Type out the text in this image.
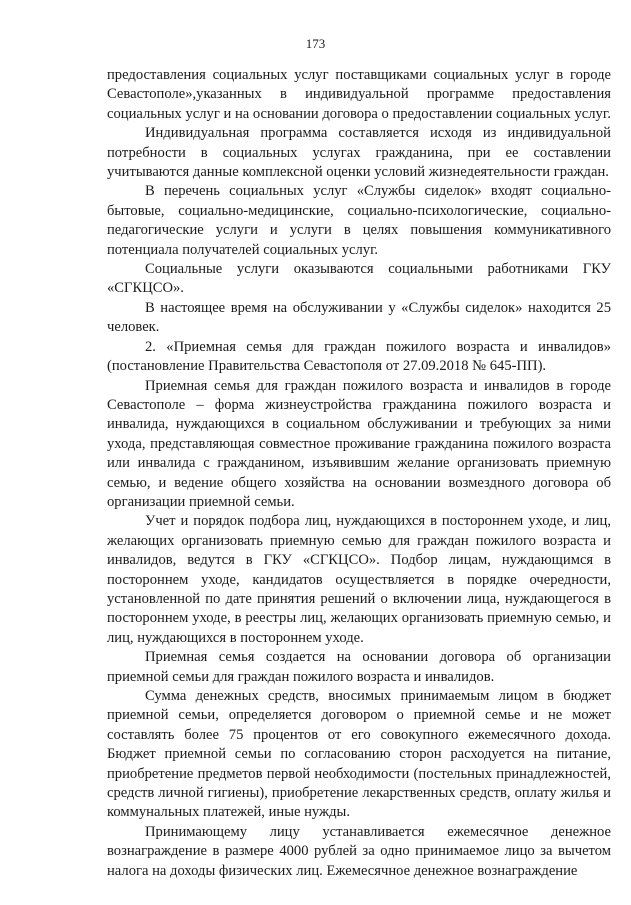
173

предоставления социальных услуг поставщиками социальных услуг в городе Севастополе»,указанных в индивидуальной программе предоставления социальных услуг и на основании договора о предоставлении социальных услуг.

Индивидуальная программа составляется исходя из индивидуальной потребности в социальных услугах гражданина, при ее составлении учитываются данные комплексной оценки условий жизнедеятельности граждан.

В перечень социальных услуг «Службы сиделок» входят социально-бытовые, социально-медицинские, социально-психологические, социально-педагогические услуги и услуги в целях повышения коммуникативного потенциала получателей социальных услуг.

Социальные услуги оказываются социальными работниками ГКУ «СГКЦСО».

В настоящее время на обслуживании у «Службы сиделок» находится 25 человек.

2. «Приемная семья для граждан пожилого возраста и инвалидов» (постановление Правительства Севастополя от 27.09.2018 № 645-ПП).

Приемная семья для граждан пожилого возраста и инвалидов в городе Севастополе – форма жизнеустройства гражданина пожилого возраста и инвалида, нуждающихся в социальном обслуживании и требующих за ними ухода, представляющая совместное проживание гражданина пожилого возраста или инвалида с гражданином, изъявившим желание организовать приемную семью, и ведение общего хозяйства на основании возмездного договора об организации приемной семьи.

Учет и порядок подбора лиц, нуждающихся в постороннем уходе, и лиц, желающих организовать приемную семью для граждан пожилого возраста и инвалидов, ведутся в ГКУ «СГКЦСО». Подбор лицам, нуждающимся в постороннем уходе, кандидатов осуществляется в порядке очередности, установленной по дате принятия решений о включении лица, нуждающегося в постороннем уходе, в реестры лиц, желающих организовать приемную семью, и лиц, нуждающихся в постороннем уходе.

Приемная семья создается на основании договора об организации приемной семьи для граждан пожилого возраста и инвалидов.

Сумма денежных средств, вносимых принимаемым лицом в бюджет приемной семьи, определяется договором о приемной семье и не может составлять более 75 процентов от его совокупного ежемесячного дохода. Бюджет приемной семьи по согласованию сторон расходуется на питание, приобретение предметов первой необходимости (постельных принадлежностей, средств личной гигиены), приобретение лекарственных средств, оплату жилья и коммунальных платежей, иные нужды.

Принимающему лицу устанавливается ежемесячное денежное вознаграждение в размере 4000 рублей за одно принимаемое лицо за вычетом налога на доходы физических лиц. Ежемесячное денежное вознаграждение
